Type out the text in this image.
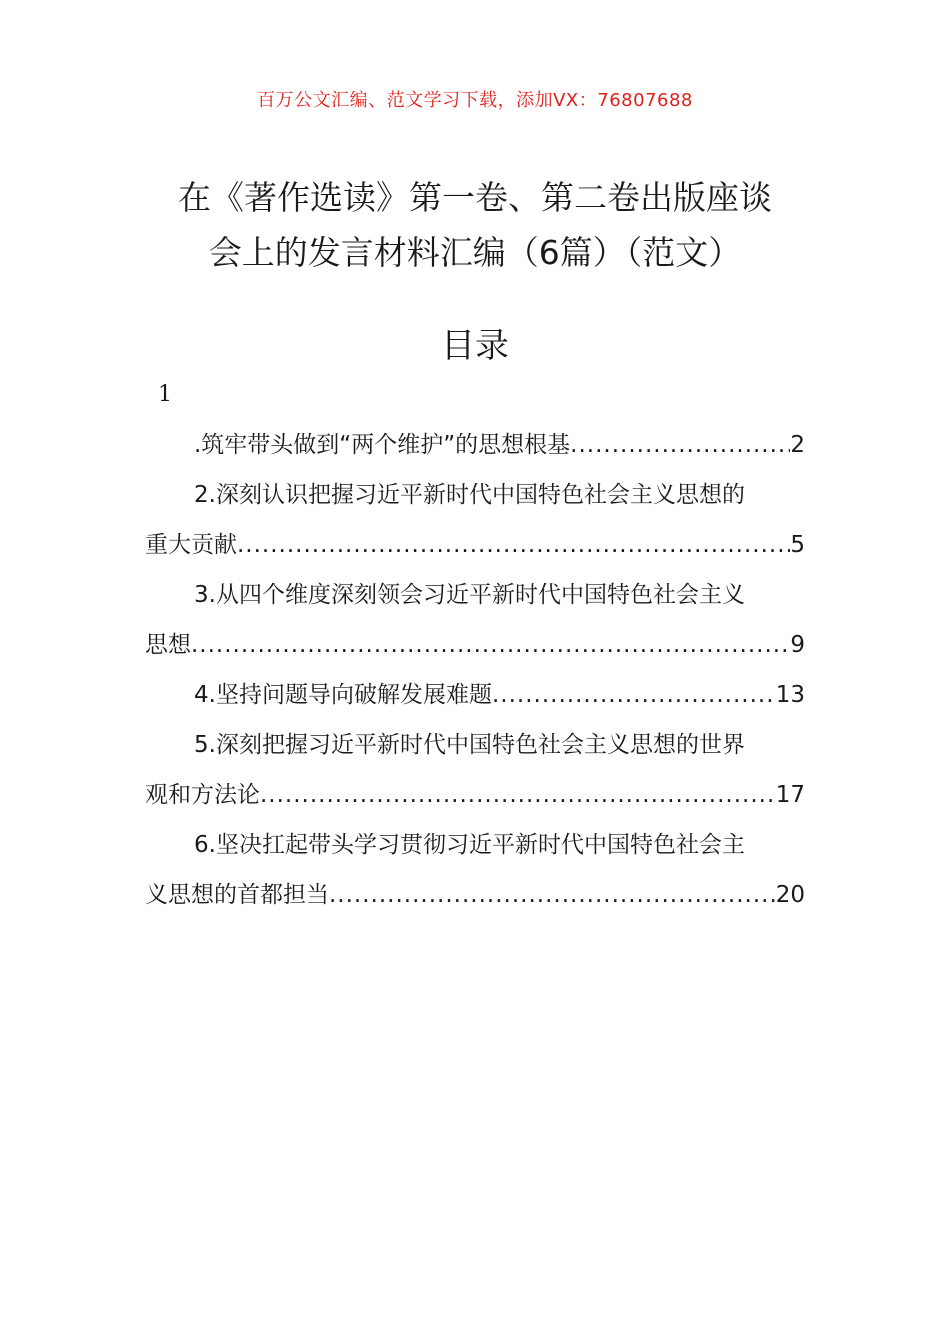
百万公文汇编、范文学习下载，添加VX：76807688
在《著作选读》第一卷、第二卷出版座谈
会上的发言材料汇编（6篇）（范文）
目录
1
.筑牢带头做到“两个维护”的思想根基 .....	2
2.深刻认识把握习近平新时代中国特色社会主义思想的
重大贡献 .....	5
3.从四个维度深刻领会习近平新时代中国特色社会主义
思想 .....	9
4.坚持问题导向破解发展难题 .....	13
5.深刻把握习近平新时代中国特色社会主义思想的世界
观和方法论 .....	17
6.坚决扛起带头学习贯彻习近平新时代中国特色社会主
义思想的首都担当 .....	20
